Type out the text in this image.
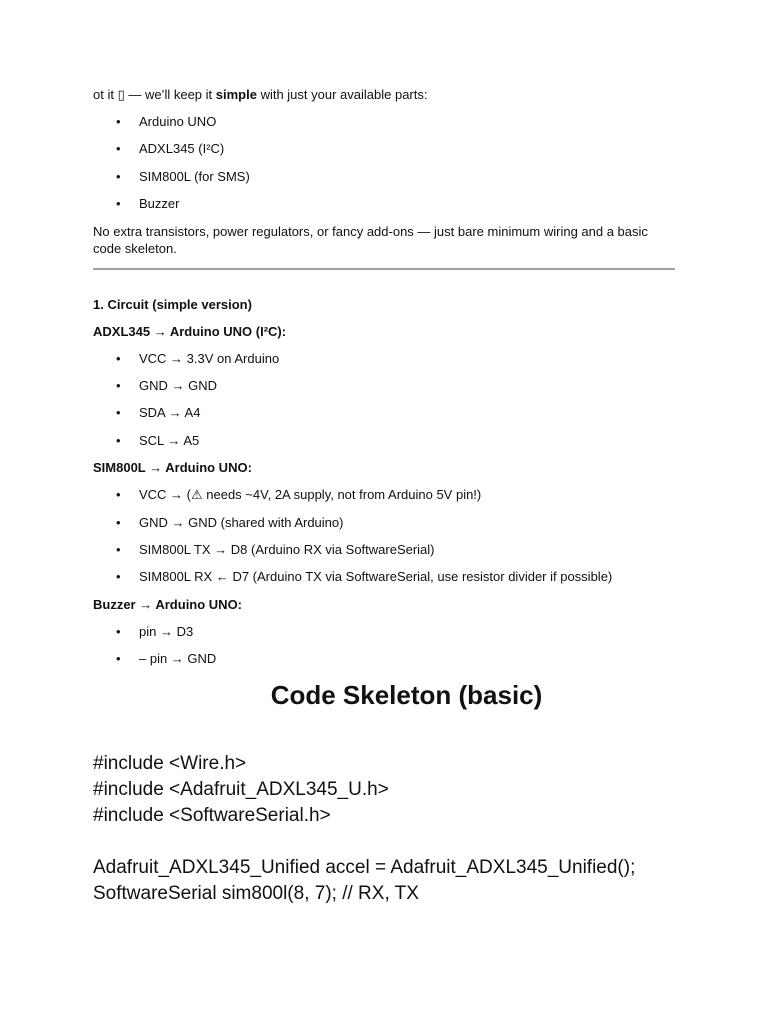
ot it ▯ — we’ll keep it simple with just your available parts:

• Arduino UNO
• ADXL345 (I²C)
• SIM800L (for SMS)
• Buzzer

No extra transistors, power regulators, or fancy add-ons — just bare minimum wiring and a basic code skeleton.

1. Circuit (simple version)

ADXL345 → Arduino UNO (I²C):

• VCC → 3.3V on Arduino
• GND → GND
• SDA → A4
• SCL → A5

SIM800L → Arduino UNO:

• VCC → (⚠ needs ~4V, 2A supply, not from Arduino 5V pin!)
• GND → GND (shared with Arduino)
• SIM800L TX → D8 (Arduino RX via SoftwareSerial)
• SIM800L RX ← D7 (Arduino TX via SoftwareSerial, use resistor divider if possible)

Buzzer → Arduino UNO:

• pin → D3
• – pin → GND
Code Skeleton (basic)

#include <Wire.h>

#include <Adafruit_ADXL345_U.h>

#include <SoftwareSerial.h>

Adafruit_ADXL345_Unified accel = Adafruit_ADXL345_Unified();

SoftwareSerial sim800l(8, 7); // RX, TX
